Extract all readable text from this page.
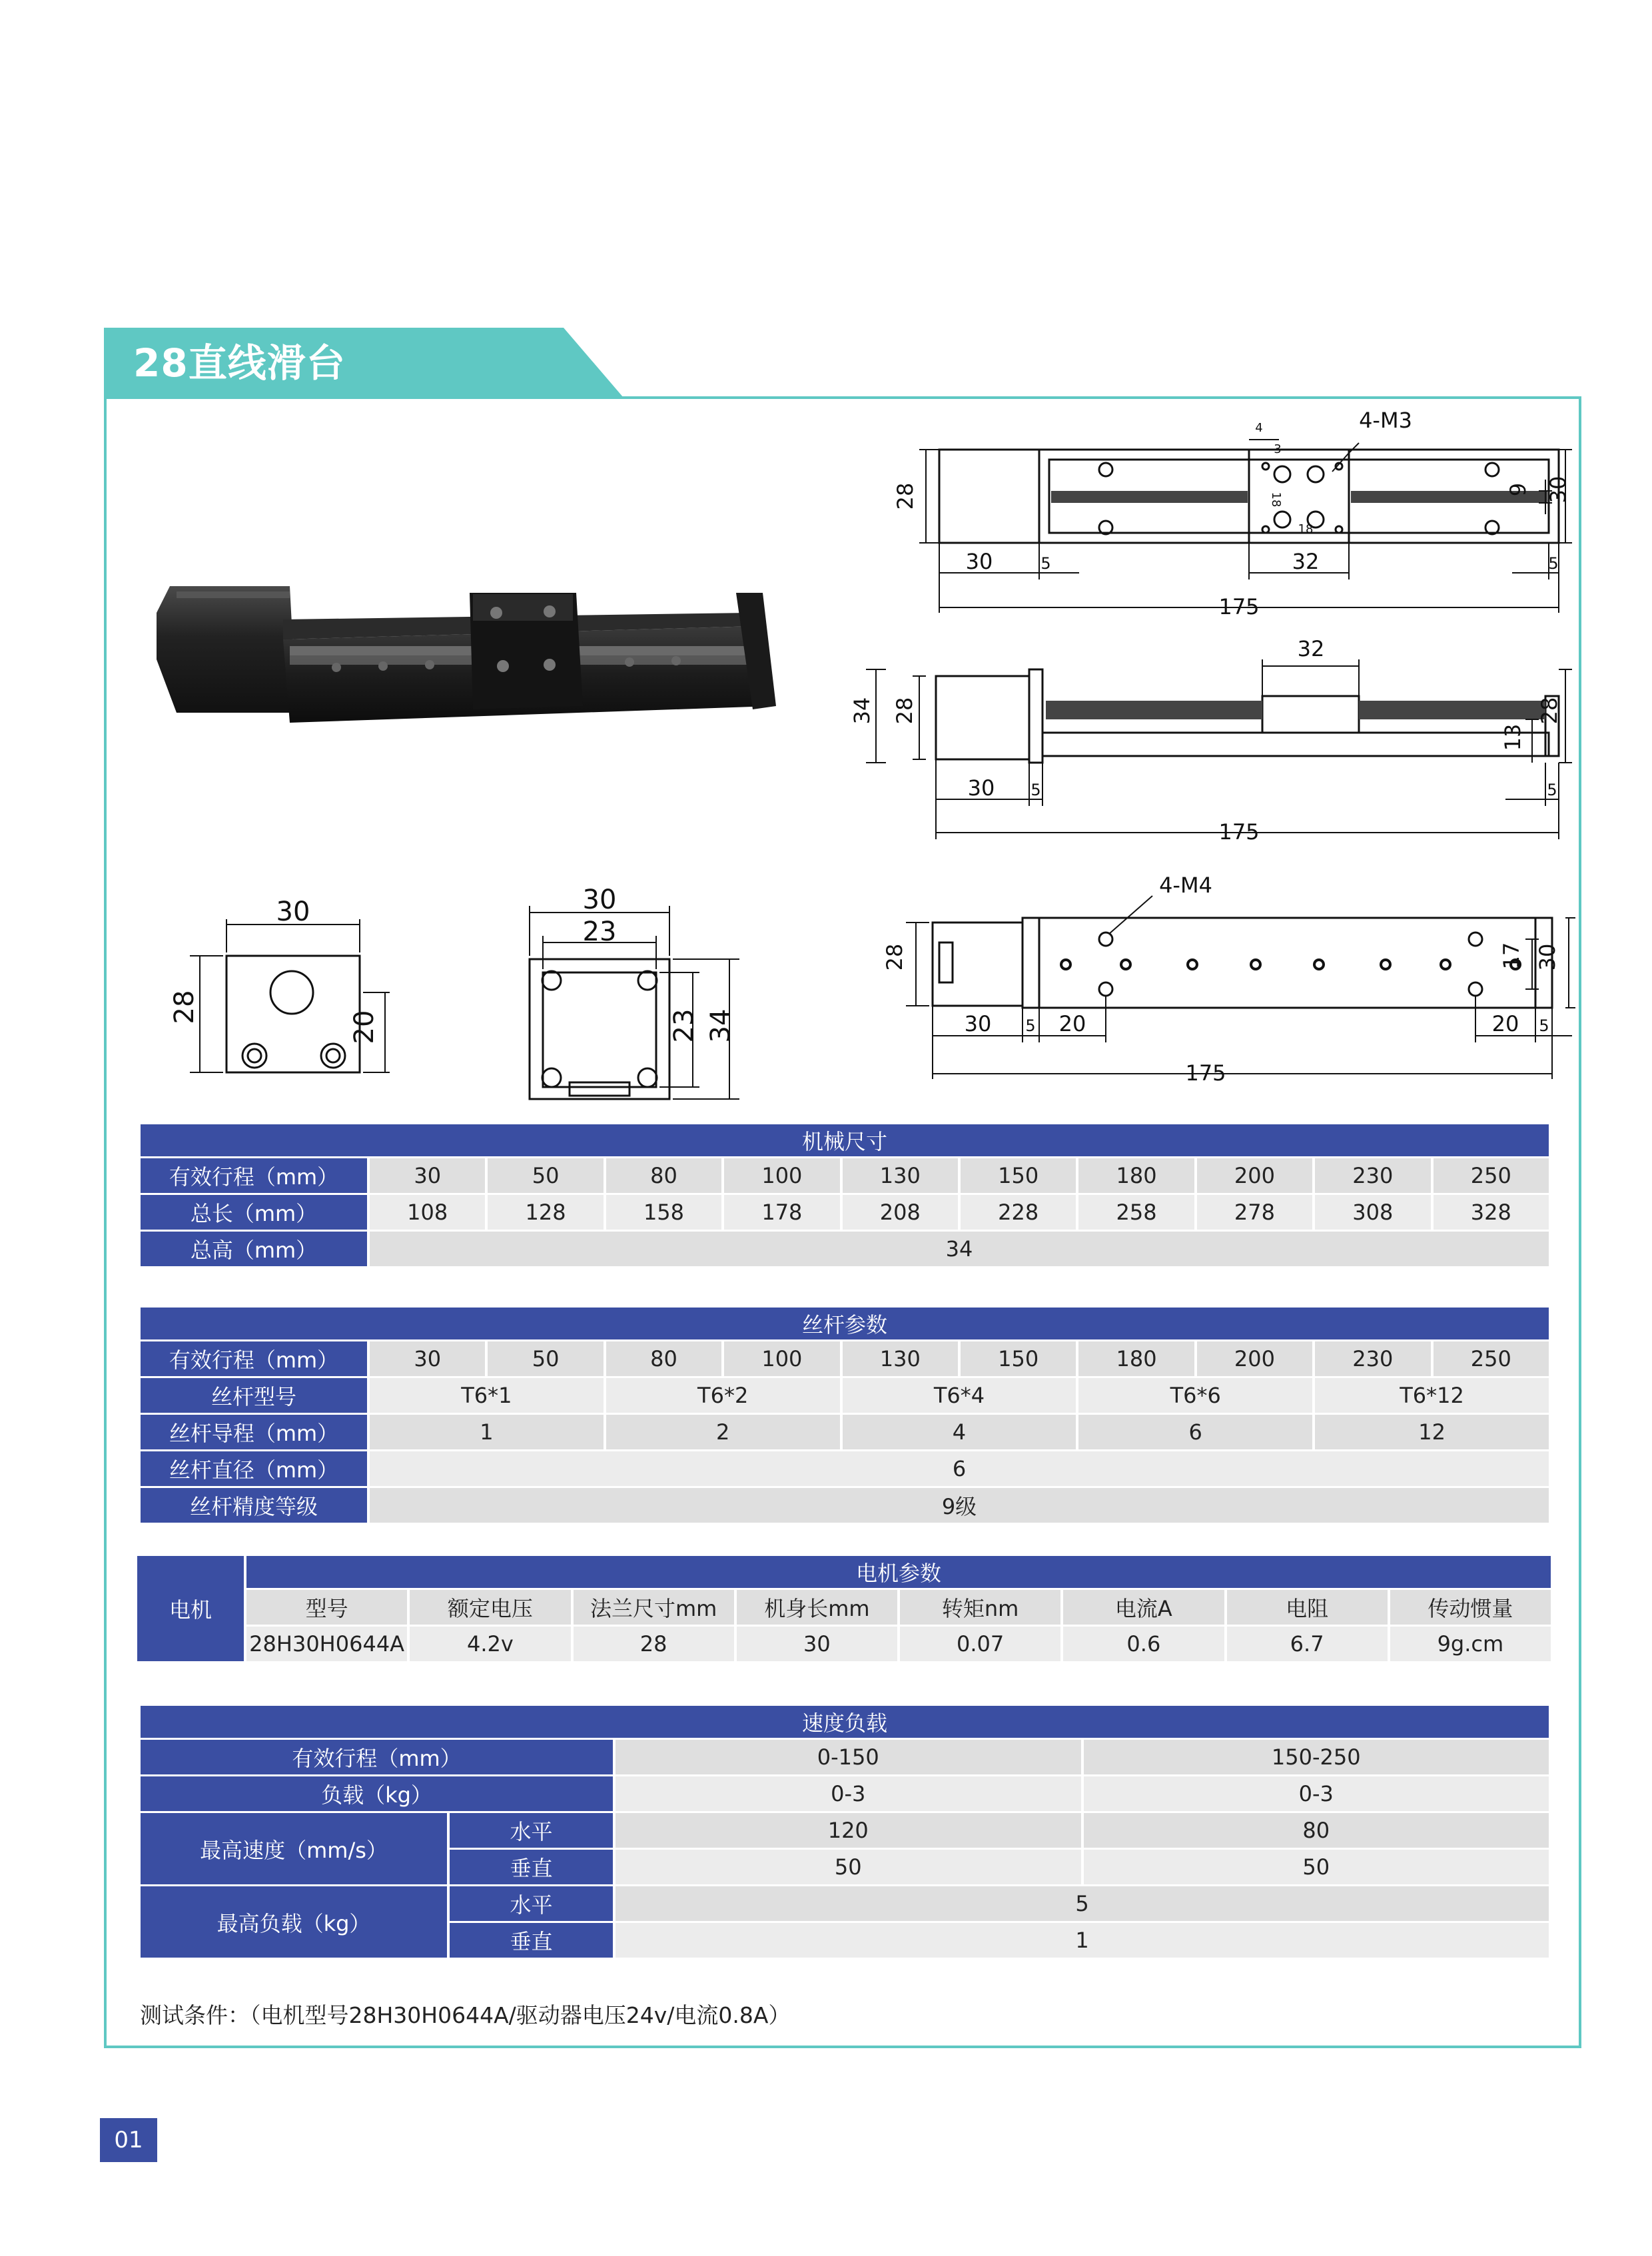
28直线滑台
4-M3
4
3
18
18
28	9 30
30	5	32	5
175
32
34 28
13
28
30 5	5
175
30
28
20
30
23
23 34
4-M4
28	17 30
30 5 20	20 5
175
机械尺寸										
有效行程（mm）	30	50	80	100	130	150	180	200	230	250
总长（mm）	108	128	158	178	208	228	258	278	308	328
总高（mm）	34									
丝杆参数										
有效行程（mm）	30	50	80	100	130	150	180	200	230	250
丝杆型号	T6*1		T6*2		T6*4		T6*6		T6*12	
丝杆导程（mm）	1		2		4		6		12	
丝杆直径（mm）	6									
丝杆精度等级	9级									
电机	电机参数							
	型号	额定电压	法兰尺寸mm	机身长mm	转矩nm	电流A	电阻	传动惯量
	28H30H0644A	4.2v	28	30	0.07	0.6	6.7	9g.cm
速度负载			
有效行程（mm）		0-150	150-250
负载（kg）		0-3	0-3
最高速度（mm/s）	水平	120	80
	垂直	50	50
最高负载（kg）	水平	5	
	垂直	1	
测试条件：（电机型号28H30H0644A/驱动器电压24v/电流0.8A）
01
